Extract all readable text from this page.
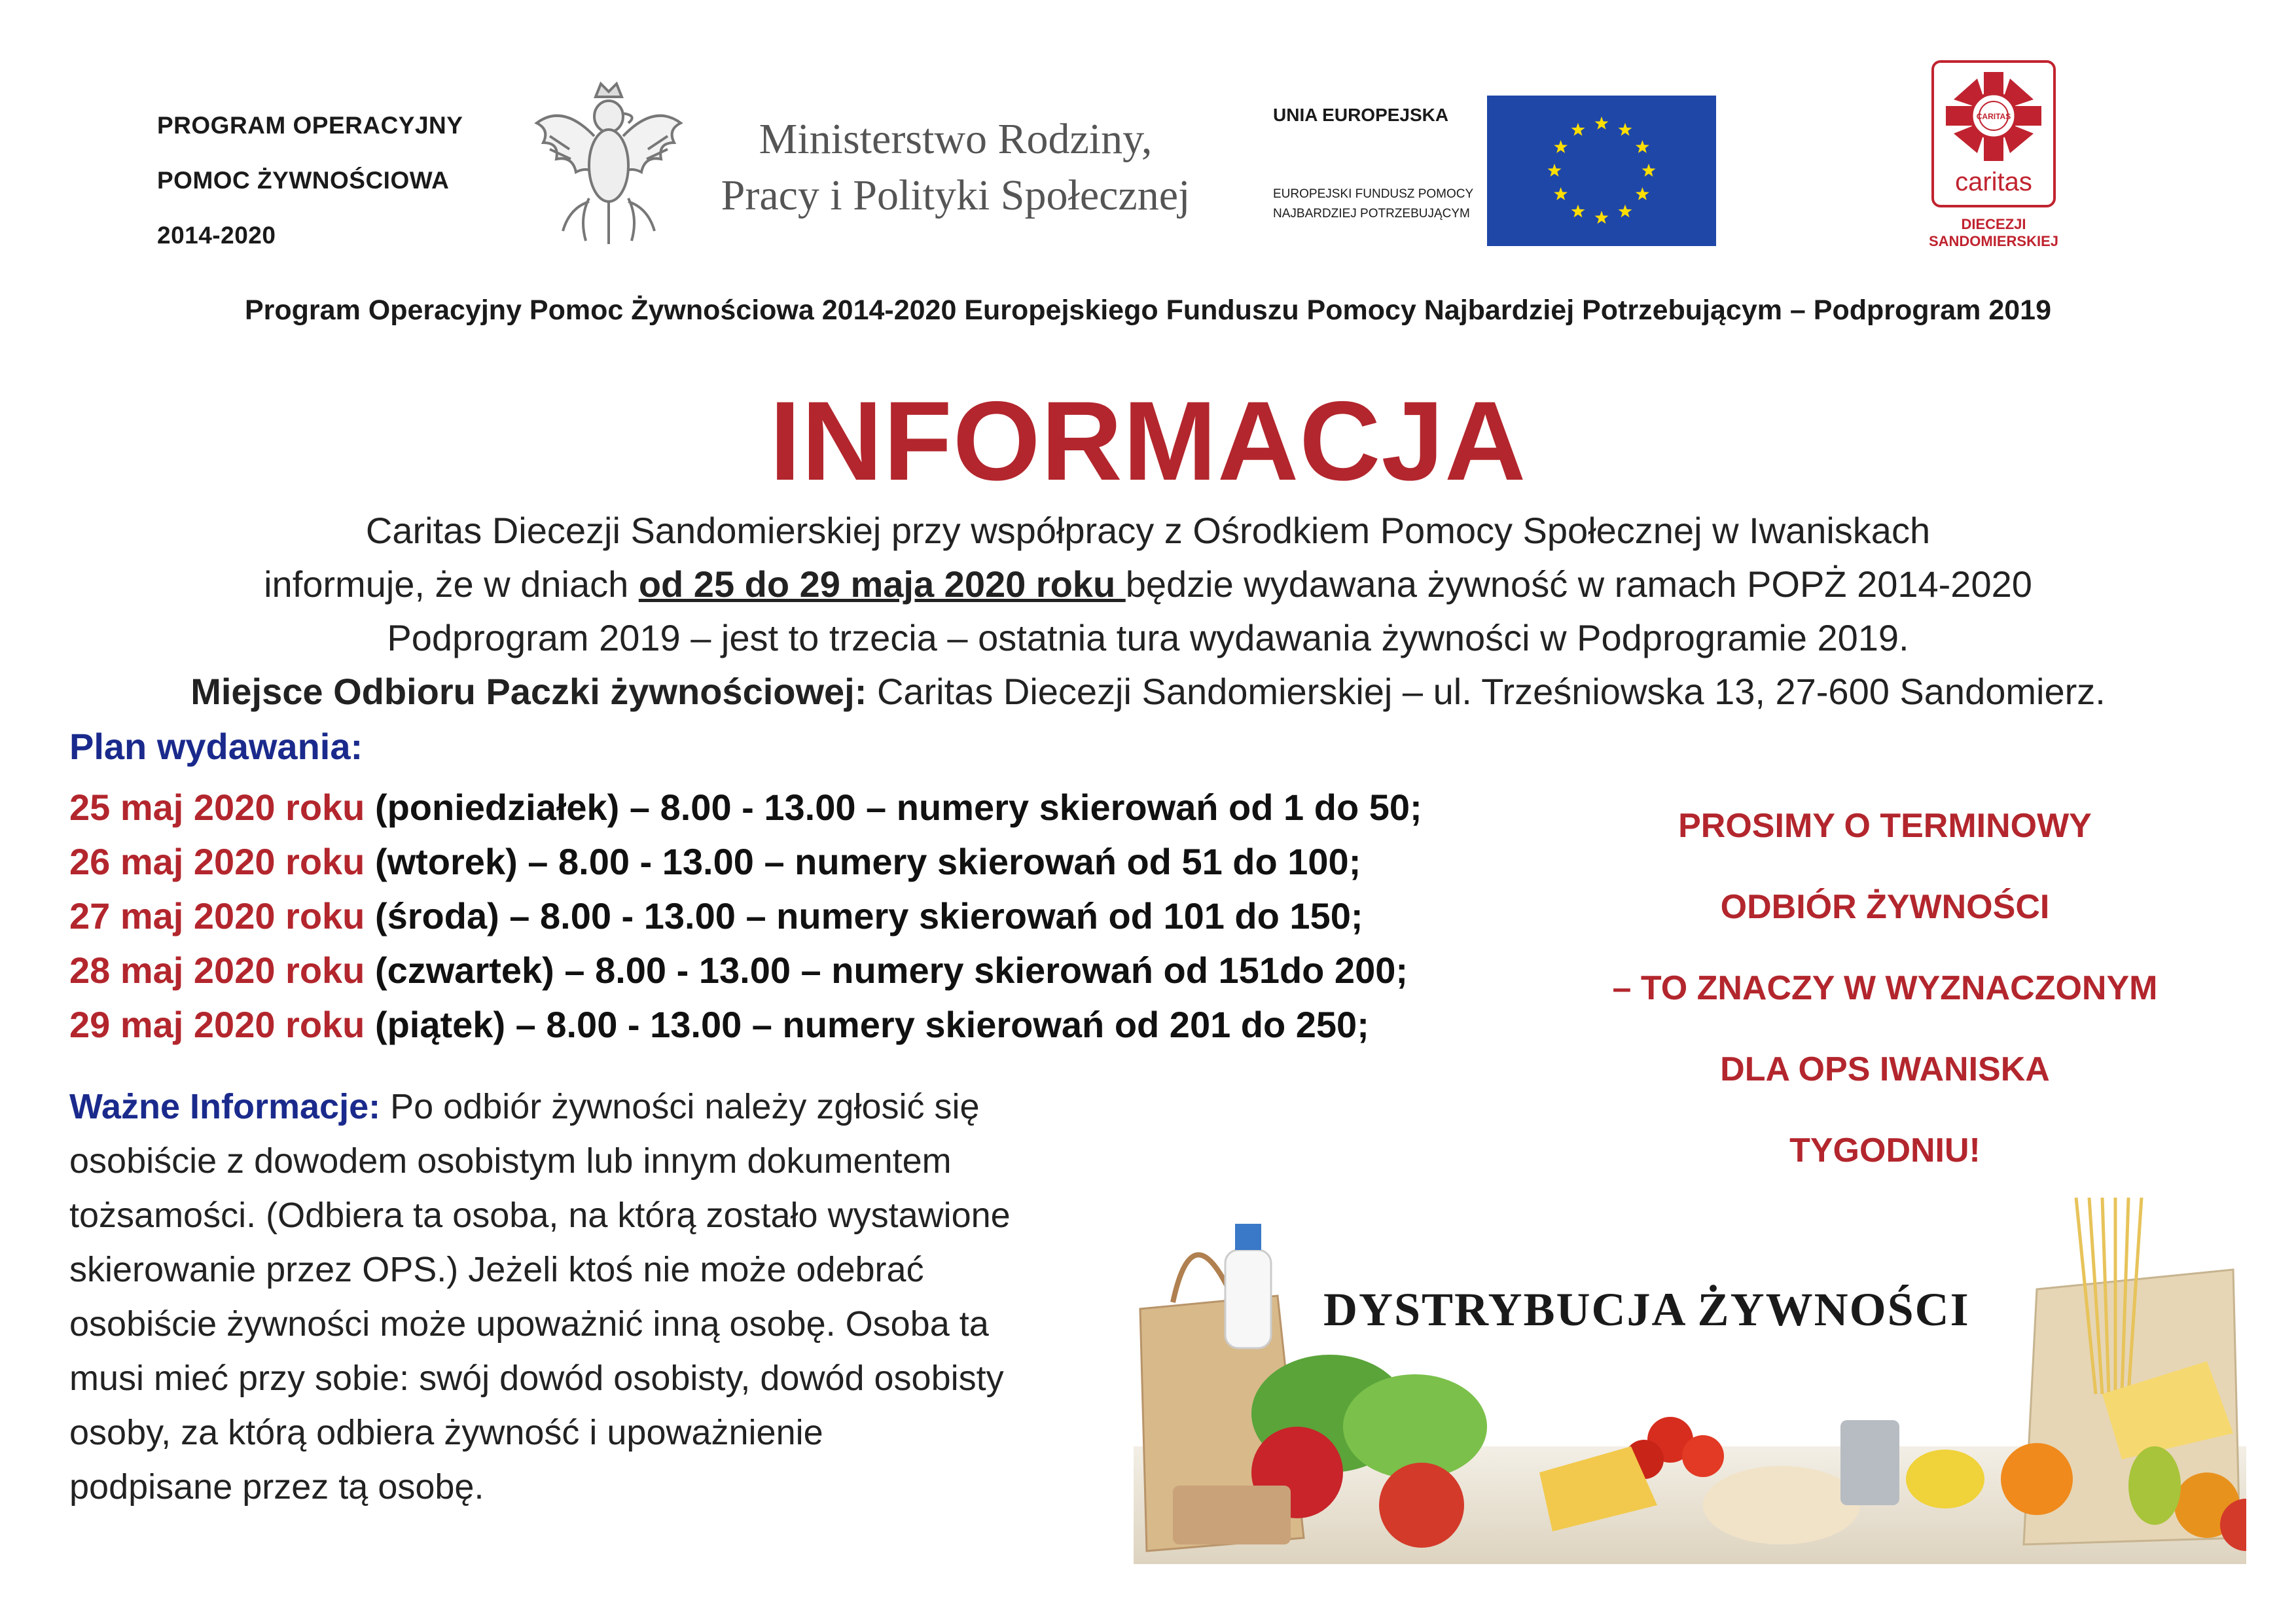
PROGRAM OPERACYJNY
POMOC ŻYWNOŚCIOWA
2014-2020
Ministerstwo Rodziny,
Pracy i Polityki Społecznej
UNIA EUROPEJSKA
EUROPEJSKI FUNDUSZ POMOCY
NAJBARDZIEJ POTRZEBUJĄCYM
CARITAS
caritas
DIECEZJI
SANDOMIERSKIEJ
Program Operacyjny Pomoc Żywnościowa 2014-2020 Europejskiego Funduszu Pomocy Najbardziej Potrzebującym – Podprogram 2019
INFORMACJA
Caritas Diecezji Sandomierskiej przy współpracy z Ośrodkiem Pomocy Społecznej w Iwaniskach
informuje, że w dniach od 25 do 29 maja 2020 roku będzie wydawana żywność w ramach POPŻ 2014-2020
Podprogram 2019 – jest to trzecia – ostatnia tura wydawania żywności w Podprogramie 2019.
Miejsce Odbioru Paczki żywnościowej: Caritas Diecezji Sandomierskiej – ul. Trześniowska 13, 27-600 Sandomierz.
Plan wydawania:
25 maj 2020 roku (poniedziałek) – 8.00 - 13.00 – numery skierowań od 1 do 50;
26 maj 2020 roku (wtorek) – 8.00 - 13.00 – numery skierowań od 51 do 100;
27 maj 2020 roku (środa) – 8.00 - 13.00 – numery skierowań od 101 do 150;
28 maj 2020 roku (czwartek) – 8.00 - 13.00 – numery skierowań od 151do 200;
29 maj 2020 roku (piątek) – 8.00 - 13.00 – numery skierowań od 201 do 250;
PROSIMY O TERMINOWY
ODBIÓR ŻYWNOŚCI
– TO ZNACZY W WYZNACZONYM
DLA OPS IWANISKA
TYGODNIU!
Ważne Informacje: Po odbiór żywności należy zgłosić się
osobiście z dowodem osobistym lub innym dokumentem
tożsamości. (Odbiera ta osoba, na którą zostało wystawione
skierowanie przez OPS.) Jeżeli ktoś nie może odebrać
osobiście żywności może upoważnić inną osobę. Osoba ta
musi mieć przy sobie: swój dowód osobisty, dowód osobisty
osoby, za którą odbiera żywność i upoważnienie
podpisane przez tą osobę.
DYSTRYBUCJA ŻYWNOŚCI
